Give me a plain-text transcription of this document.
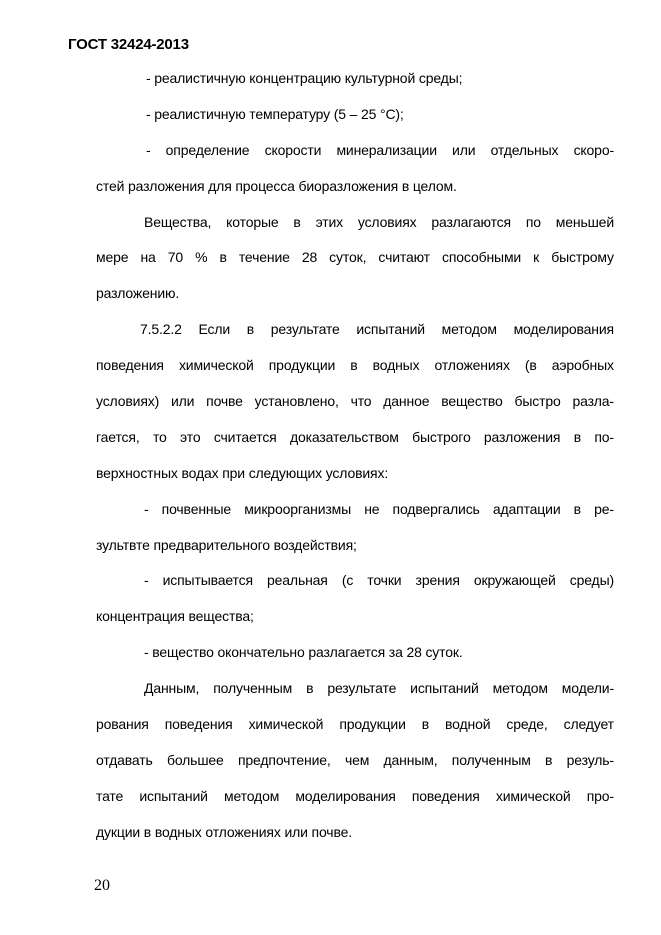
ГОСТ 32424-2013
- реалистичную концентрацию культурной среды;
- реалистичную температуру (5 – 25 °С);
- определение скорости минерализации или отдельных скоро-
стей разложения для процесса биоразложения в целом.
Вещества, которые в этих условиях разлагаются по меньшей
мере на 70 % в течение 28 суток, считают способными к быстрому
разложению.
7.5.2.2 Если в результате испытаний методом моделирования
поведения химической продукции в водных отложениях (в аэробных
условиях) или почве установлено, что данное вещество быстро разла-
гается, то это считается доказательством быстрого разложения в по-
верхностных водах при следующих условиях:
- почвенные микроорганизмы не подвергались адаптации в ре-
зультвте предварительного воздействия;
- испытывается реальная (с точки зрения окружающей среды)
концентрация вещества;
- вещество окончательно разлагается за 28 суток.
Данным, полученным в результате испытаний методом модели-
рования поведения химической продукции в водной среде, следует
отдавать большее предпочтение, чем данным, полученным в резуль-
тате испытаний методом моделирования поведения химической про-
дукции в водных отложениях или почве.
20
